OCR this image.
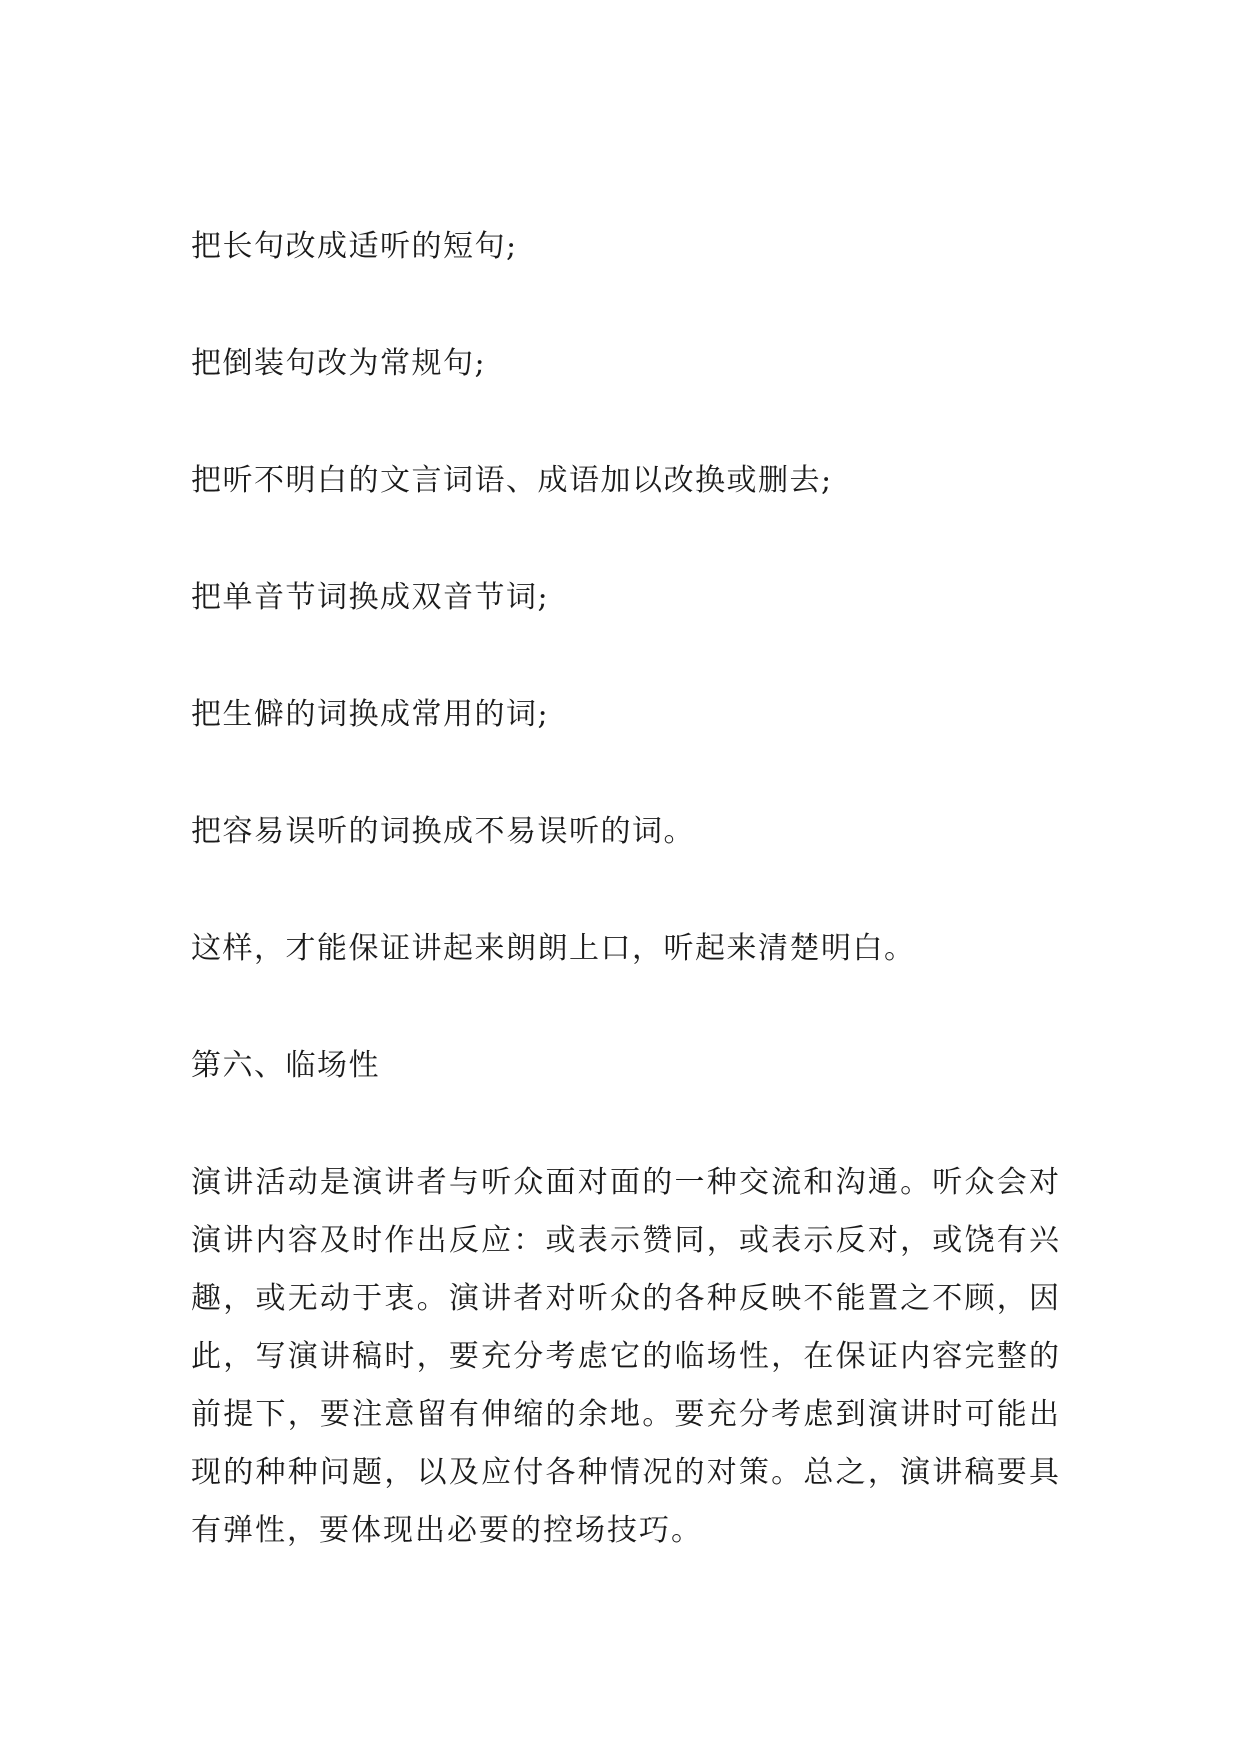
把长句改成适听的短句;

把倒装句改为常规句;

把听不明白的文言词语、成语加以改换或删去;

把单音节词换成双音节词;

把生僻的词换成常用的词;

把容易误听的词换成不易误听的词。

这样，才能保证讲起来朗朗上口，听起来清楚明白。

第六、临场性

演讲活动是演讲者与听众面对面的一种交流和沟通。听众会对演讲内容及时作出反应：或表示赞同，或表示反对，或饶有兴趣，或无动于衷。演讲者对听众的各种反映不能置之不顾，因此，写演讲稿时，要充分考虑它的临场性，在保证内容完整的前提下，要注意留有伸缩的余地。要充分考虑到演讲时可能出现的种种问题，以及应付各种情况的对策。总之，演讲稿要具有弹性，要体现出必要的控场技巧。
